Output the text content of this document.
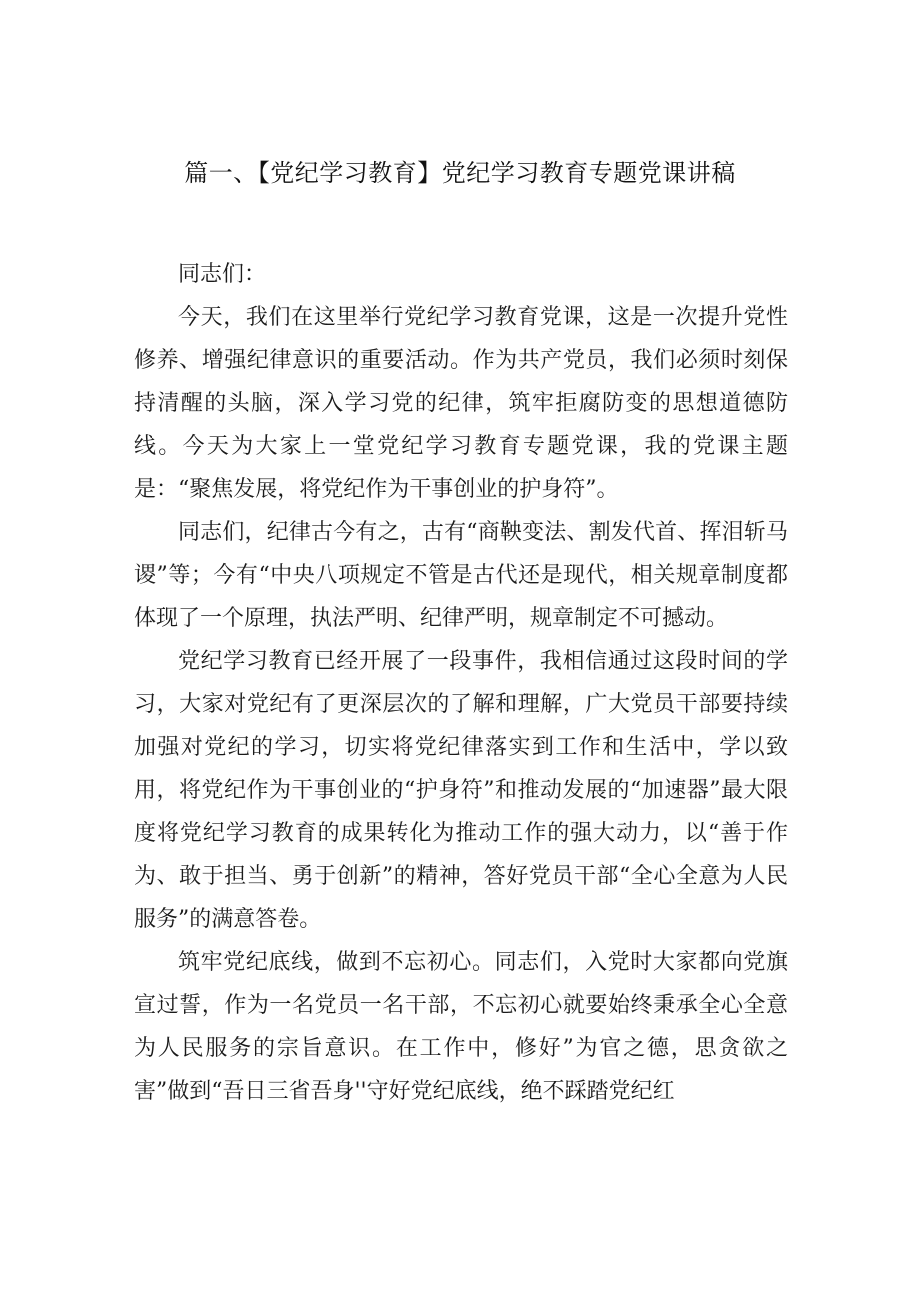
篇一、【党纪学习教育】党纪学习教育专题党课讲稿

同志们：

今天，我们在这里举行党纪学习教育党课，这是一次提升党性修养、增强纪律意识的重要活动。作为共产党员，我们必须时刻保持清醒的头脑，深入学习党的纪律，筑牢拒腐防变的思想道德防线。今天为大家上一堂党纪学习教育专题党课，我的党课主题是：“聚焦发展，将党纪作为干事创业的护身符”。

同志们，纪律古今有之，古有“商鞅变法、割发代首、挥泪斩马谡”等；今有“中央八项规定不管是古代还是现代，相关规章制度都体现了一个原理，执法严明、纪律严明，规章制定不可撼动。

党纪学习教育已经开展了一段事件，我相信通过这段时间的学习，大家对党纪有了更深层次的了解和理解，广大党员干部要持续加强对党纪的学习，切实将党纪律落实到工作和生活中，学以致用，将党纪作为干事创业的“护身符”和推动发展的“加速器”最大限度将党纪学习教育的成果转化为推动工作的强大动力，以“善于作为、敢于担当、勇于创新”的精神，答好党员干部“全心全意为人民服务”的满意答卷。

筑牢党纪底线，做到不忘初心。同志们，入党时大家都向党旗宣过誓，作为一名党员一名干部，不忘初心就要始终秉承全心全意为人民服务的宗旨意识。在工作中，修好”为官之德，思贪欲之害”做到“吾日三省吾身''守好党纪底线，绝不踩踏党纪红
